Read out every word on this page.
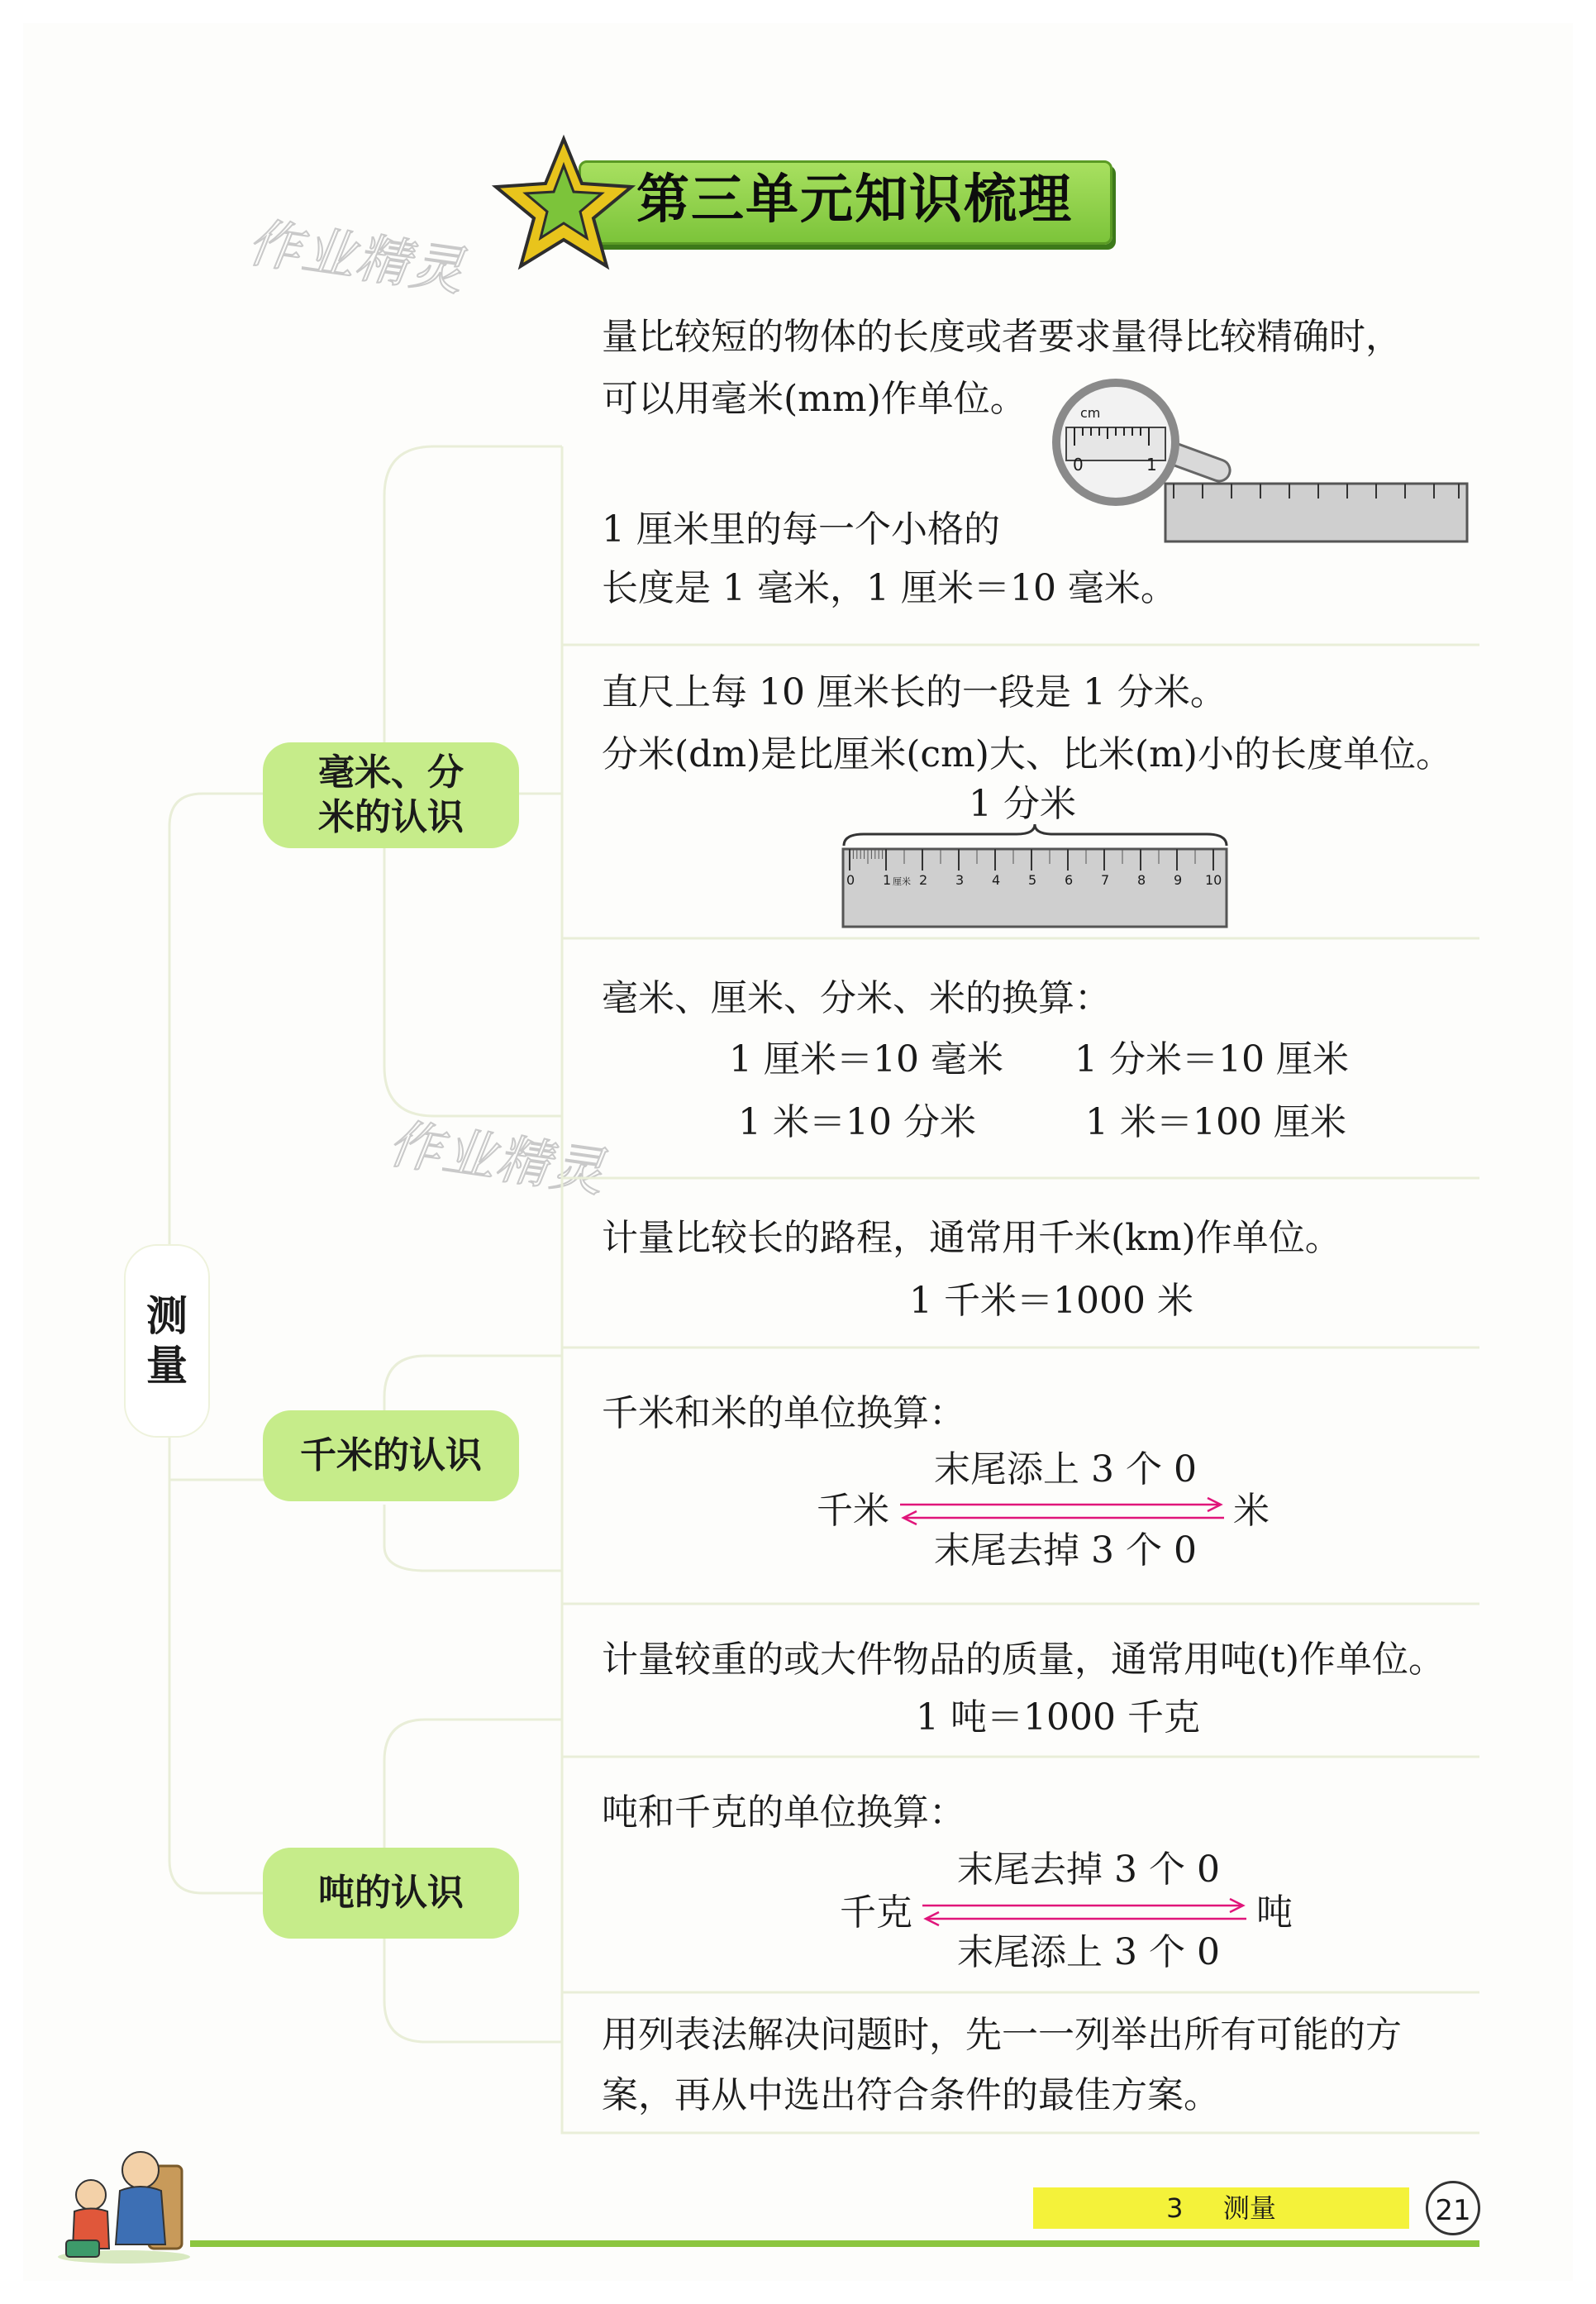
第三单元知识梳理
作业精灵
作业精灵
测
量
毫米、分米的认识
千米的认识
吨的认识
量比较短的物体的长度或者要求量得比较精确时，
可以用毫米(mm)作单位。
1 厘米里的每一个小格的
长度是 1 毫米，1 厘米＝10 毫米。
cm
0	1
直尺上每 10 厘米长的一段是 1 分米。
分米(dm)是比厘米(cm)大、比米(m)小的长度单位。
1 分米
0 1 厘米 2 3 4 5 6 7 8 9 10
毫米、厘米、分米、米的换算：
1 厘米＝10 毫米 1 分米＝10 厘米
1 米＝10 分米	1 米＝100 厘米
计量比较长的路程，通常用千米(km)作单位。
1 千米＝1000 米
千米和米的单位换算：
末尾添上 3 个 0
千米	米
末尾去掉 3 个 0
计量较重的或大件物品的质量，通常用吨(t)作单位。
1 吨＝1000 千克
吨和千克的单位换算：
末尾去掉 3 个 0
千克	吨
末尾添上 3 个 0
用列表法解决问题时，先一一列举出所有可能的方
案，再从中选出符合条件的最佳方案。
3 测量	21
